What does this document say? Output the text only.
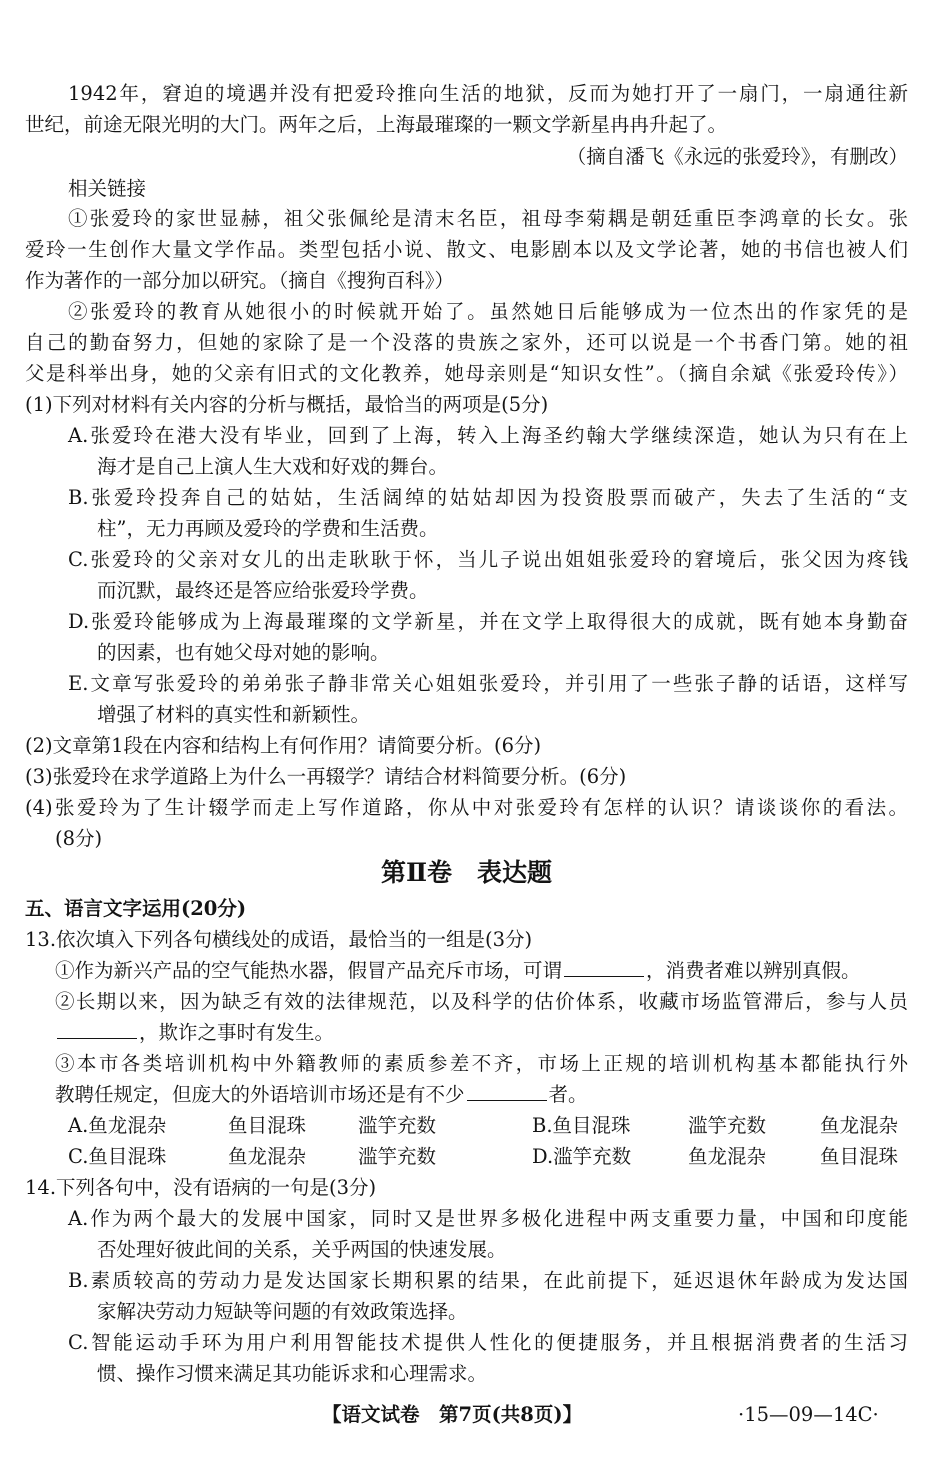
1942年，窘迫的境遇并没有把爱玲推向生活的地狱，反而为她打开了一扇门，一扇通往新
世纪，前途无限光明的大门。两年之后，上海最璀璨的一颗文学新星冉冉升起了。
（摘自潘飞《永远的张爱玲》，有删改）
相关链接
①张爱玲的家世显赫，祖父张佩纶是清末名臣，祖母李菊耦是朝廷重臣李鸿章的长女。张
爱玲一生创作大量文学作品。类型包括小说、散文、电影剧本以及文学论著，她的书信也被人们
作为著作的一部分加以研究。（摘自《搜狗百科》）
②张爱玲的教育从她很小的时候就开始了。虽然她日后能够成为一位杰出的作家凭的是
自己的勤奋努力，但她的家除了是一个没落的贵族之家外，还可以说是一个书香门第。她的祖
父是科举出身，她的父亲有旧式的文化教养，她母亲则是“知识女性”。（摘自余斌《张爱玲传》）
(1)下列对材料有关内容的分析与概括，最恰当的两项是(5分)
A.张爱玲在港大没有毕业，回到了上海，转入上海圣约翰大学继续深造，她认为只有在上
海才是自己上演人生大戏和好戏的舞台。
B.张爱玲投奔自己的姑姑，生活阔绰的姑姑却因为投资股票而破产，失去了生活的“支
柱”，无力再顾及爱玲的学费和生活费。
C.张爱玲的父亲对女儿的出走耿耿于怀，当儿子说出姐姐张爱玲的窘境后，张父因为疼钱
而沉默，最终还是答应给张爱玲学费。
D.张爱玲能够成为上海最璀璨的文学新星，并在文学上取得很大的成就，既有她本身勤奋
的因素，也有她父母对她的影响。
E.文章写张爱玲的弟弟张子静非常关心姐姐张爱玲，并引用了一些张子静的话语，这样写
增强了材料的真实性和新颖性。
(2)文章第1段在内容和结构上有何作用？请简要分析。(6分)
(3)张爱玲在求学道路上为什么一再辍学？请结合材料简要分析。(6分)
(4)张爱玲为了生计辍学而走上写作道路，你从中对张爱玲有怎样的认识？请谈谈你的看法。
(8分)
第Ⅱ卷　表达题
五、语言文字运用(20分)
13.依次填入下列各句横线处的成语，最恰当的一组是(3分)
①作为新兴产品的空气能热水器，假冒产品充斥市场，可谓	，消费者难以辨别真假。
②长期以来，因为缺乏有效的法律规范，以及科学的估价体系，收藏市场监管滞后，参与人员
，欺诈之事时有发生。
③本市各类培训机构中外籍教师的素质参差不齐，市场上正规的培训机构基本都能执行外
教聘任规定，但庞大的外语培训市场还是有不少	者。
A.鱼龙混杂	鱼目混珠	滥竽充数	B.鱼目混珠	滥竽充数	鱼龙混杂
C.鱼目混珠	鱼龙混杂	滥竽充数	D.滥竽充数	鱼龙混杂	鱼目混珠
14.下列各句中，没有语病的一句是(3分)
A.作为两个最大的发展中国家，同时又是世界多极化进程中两支重要力量，中国和印度能
否处理好彼此间的关系，关乎两国的快速发展。
B.素质较高的劳动力是发达国家长期积累的结果，在此前提下，延迟退休年龄成为发达国
家解决劳动力短缺等问题的有效政策选择。
C.智能运动手环为用户利用智能技术提供人性化的便捷服务，并且根据消费者的生活习
惯、操作习惯来满足其功能诉求和心理需求。
【语文试卷　第7页(共8页)】	·15—09—14C·
